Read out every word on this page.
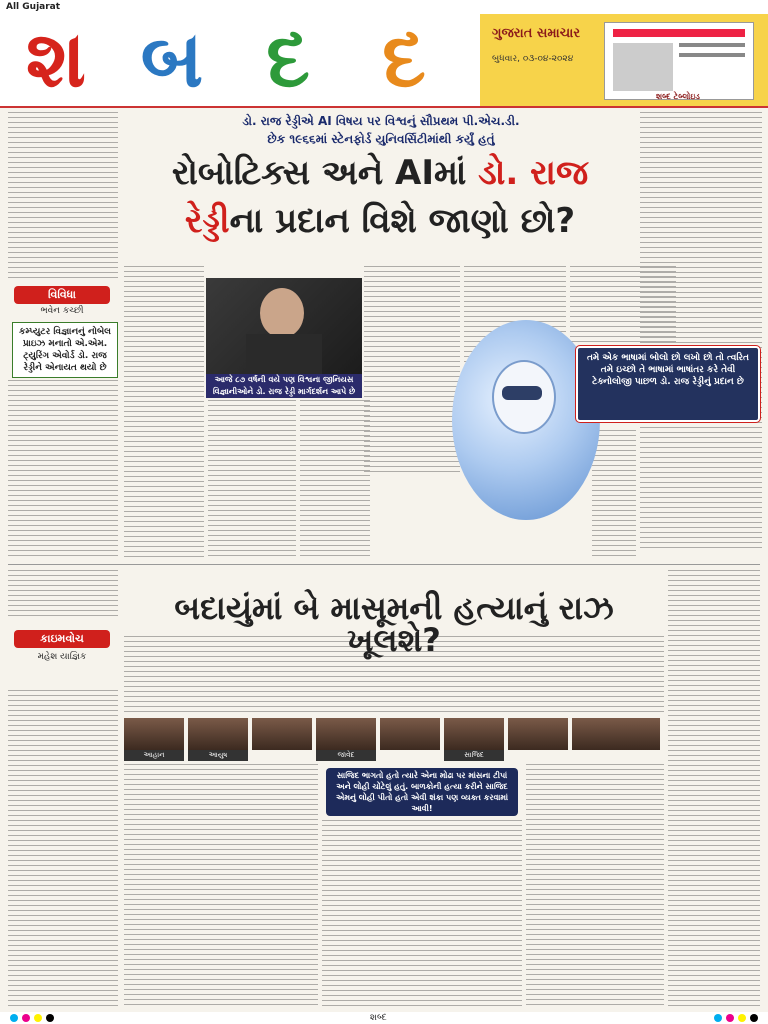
All Gujarat
શ બ દ દ	ગુજરાત સમાચાર
બુધવાર, ૦૩-૦૪-૨૦૨૪
શબ્દ ટેબ્લોઇડ
ડો. રાજ રેડ્ડીએ AI વિષય પર વિશ્વનું સૌપ્રથમ પી.એચ.ડી.
છેક ૧૯૬૬માં સ્ટેનફોર્ડ યુનિવર્સિટીમાંથી કર્યું હતું
રોબોટિક્સ અને AIમાં ડો. રાજ
રેડ્ડીના પ્રદાન વિશે જાણો છો?
વિવિધા
ભવેન કચ્છી
કમ્પ્યુટર વિજ્ઞાનનું નોબેલ પ્રાઇઝ મનાતો એ.એમ. ટ્યુરિંગ એવોર્ડ ડો. રાજ રેડ્ડીને એનાયત થયો છે
આજે ૮૭ વર્ષની વયે પણ વિશ્વના જીનિયસ વિજ્ઞાનીઓને ડો. રાજ રેડ્ડી માર્ગદર્શન આપે છે
તમે એક ભાષામાં બોલો છો લખો છો તો ત્વરિત તમે ઇચ્છો તે ભાષામાં ભાષાંતર કરે તેવી ટેક્નોલોજી પાછળ ડો. રાજ રેડ્ડીનું પ્રદાન છે
બદાયુંમાં બે માસૂમની હત્યાનું રાઝ ખૂલશે?
કાઇમવોચ
મહેશ યાજ્ઞિક
આહાન	આયુષ	જાવેદ	સાજિદ
સાજિદ ભાગતો હતો ત્યારે એના મોઢા પર માંસના ટીપાં અને લોહી ચોંટેલું હતું. બાળકોની હત્યા કરીને સાજિદ એમનું લોહી પીતો હતો એવી શંકા પણ વ્યક્ત કરવામાં આવી!
શબ્દ
